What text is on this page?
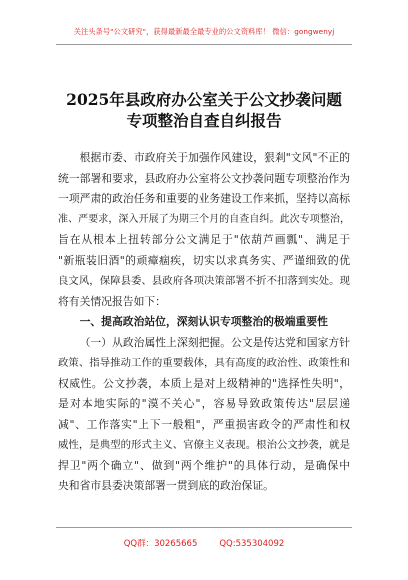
关注头条号"公文研究"，获得最新最全最专业的公文资料库！ 微信：gongwenyj
2025年县政府办公室关于公文抄袭问题
专项整治自查自纠报告
根据市委、市政府关于加强作风建设，狠剎"文风"不正的
统一部署和要求，县政府办公室将公文抄袭问题专项整治作为
一项严肃的政治任务和重要的业务建设工作来抓，坚持以高标
准、严要求，深入开展了为期三个月的自查自纠。此次专项整治，
旨在从根本上扭转部分公文满足于"依葫芦画瓢"、满足于
"新瓶装旧酒"的顽瘴痼疾，切实以求真务实、严谨细致的优
良文风，保障县委、县政府各项决策部署不折不扣落到实处。现
将有关情况报告如下：
一、提高政治站位，深刻认识专项整治的极端重要性
（一）从政治属性上深刻把握。公文是传达党和国家方针
政策、指导推动工作的重要载体，具有高度的政治性、政策性和
权威性。公文抄袭，本质上是对上级精神的"选择性失明"，
是对本地实际的"漠不关心"，容易导致政策传达"层层递
减"、工作落实"上下一般粗"，严重损害政令的严肃性和权
威性，是典型的形式主义、官僚主义表现。根治公文抄袭，就是
捍卫"两个确立"、做到"两个维护"的具体行动，是确保中
央和省市县委决策部署一贯到底的政治保证。
QQ群：30265665	QQ:535304092
